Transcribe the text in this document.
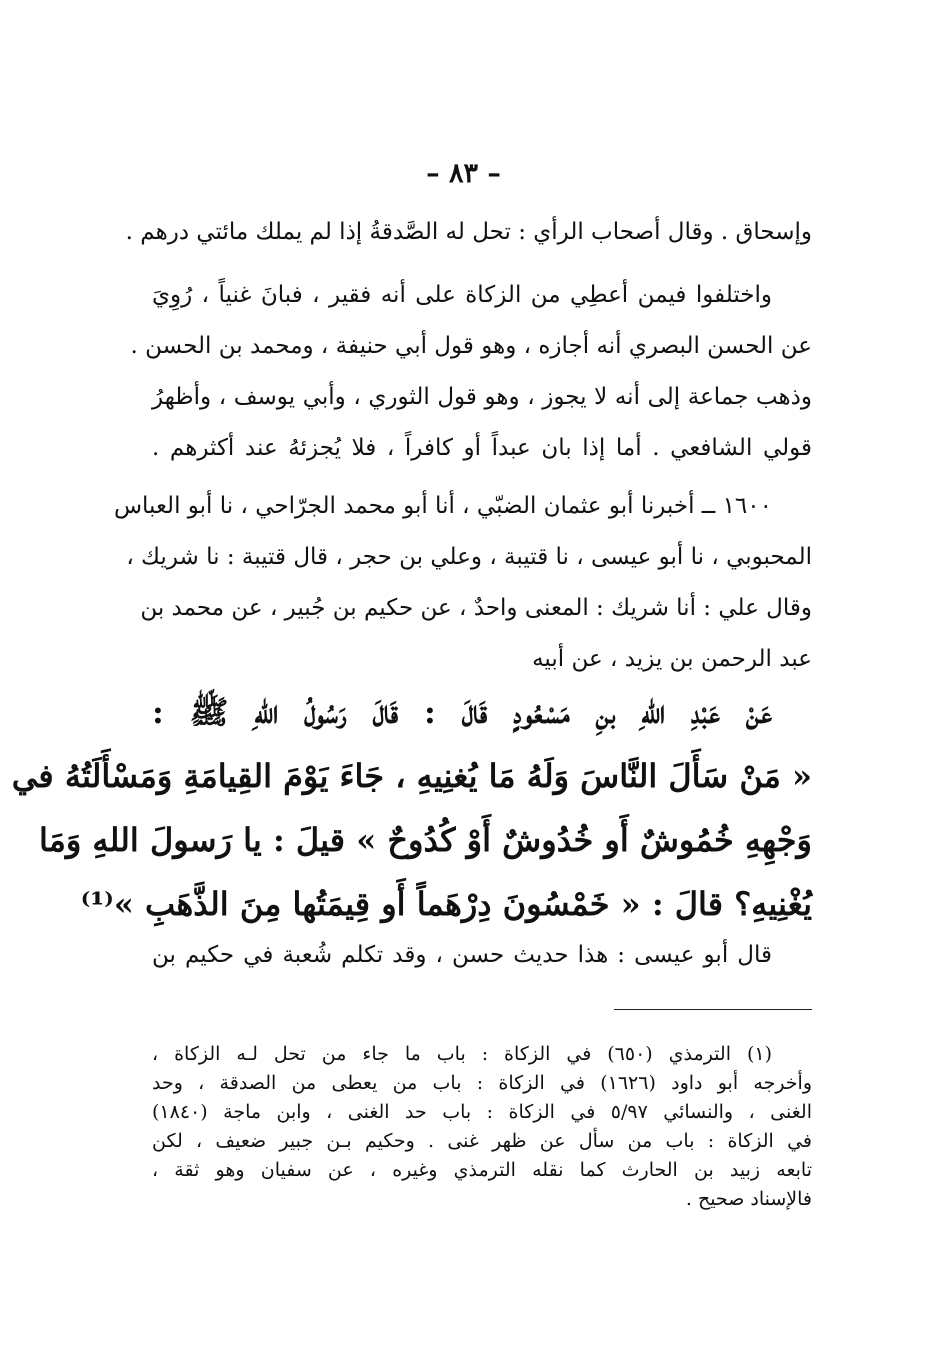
– ٨٣ –
وإسحاق . وقال أصحاب الرأي : تحل له الصَّدقةُ إذا لم يملك مائتي درهم .
واختلفوا فيمن أعطِي من الزكاة على أنه فقير ، فبانَ غنياً ، رُوِيَ
عن الحسن البصري أنه أجازه ، وهو قول أبي حنيفة ، ومحمد بن الحسن .
وذهب جماعة إلى أنه لا يجوز ، وهو قول الثوري ، وأبي يوسف ، وأظهرُ
قولي الشافعي . أما إذا بان عبداً أو كافراً ، فلا يُجزئهُ عند أكثرهم .
١٦٠٠ ــ أخبرنا أبو عثمان الضبّي ، أنا أبو محمد الجرّاحي ، نا أبو العباس
المحبوبي ، نا أبو عيسى ، نا قتيبة ، وعلي بن حجر ، قال قتيبة : نا شريك ،
وقال علي : أنا شريك : المعنى واحدٌ ، عن حكيم بن جُبير ، عن محمد بن
عبد الرحمن بن يزيد ، عن أبيه
عَنْ عَبْدِ اللهِ بنِ مَسْعُودٍ قَالَ : قَالَ رَسُولُ اللهِ ﷺ :
« مَنْ سَأَلَ النَّاسَ وَلَهُ مَا يُغنِيهِ ، جَاءَ يَوْمَ القِيامَةِ وَمَسْأَلَتُهُ في
وَجْهِهِ خُمُوشٌ أَو خُدُوشٌ أَوْ كُدُوحٌ » قيلَ : يا رَسولَ اللهِ وَمَا
يُغْنِيهِ؟ قالَ : « خَمْسُونَ دِرْهَماً أَو قِيمَتُها مِنَ الذَّهَبِ »⁽¹⁾
قال أبو عيسى : هذا حديث حسن ، وقد تكلم شُعبة في حكيم بن
(١) الترمذي (٦٥٠) في الزكاة : باب ما جاء من تحل لـه الزكاة ،
وأخرجه أبو داود (١٦٢٦) في الزكاة : باب من يعطى من الصدقة ، وحد
الغنى ، والنسائي ٥/٩٧ في الزكاة : باب حد الغنى ، وابن ماجة (١٨٤٠)
في الزكاة : باب من سأل عن ظهر غنى . وحكيم بـن جبير ضعيف ، لكن
تابعه زبيد بن الحارث كما نقله الترمذي وغيره ، عن سفيان وهو ثقة ،
فالإسناد صحيح .
